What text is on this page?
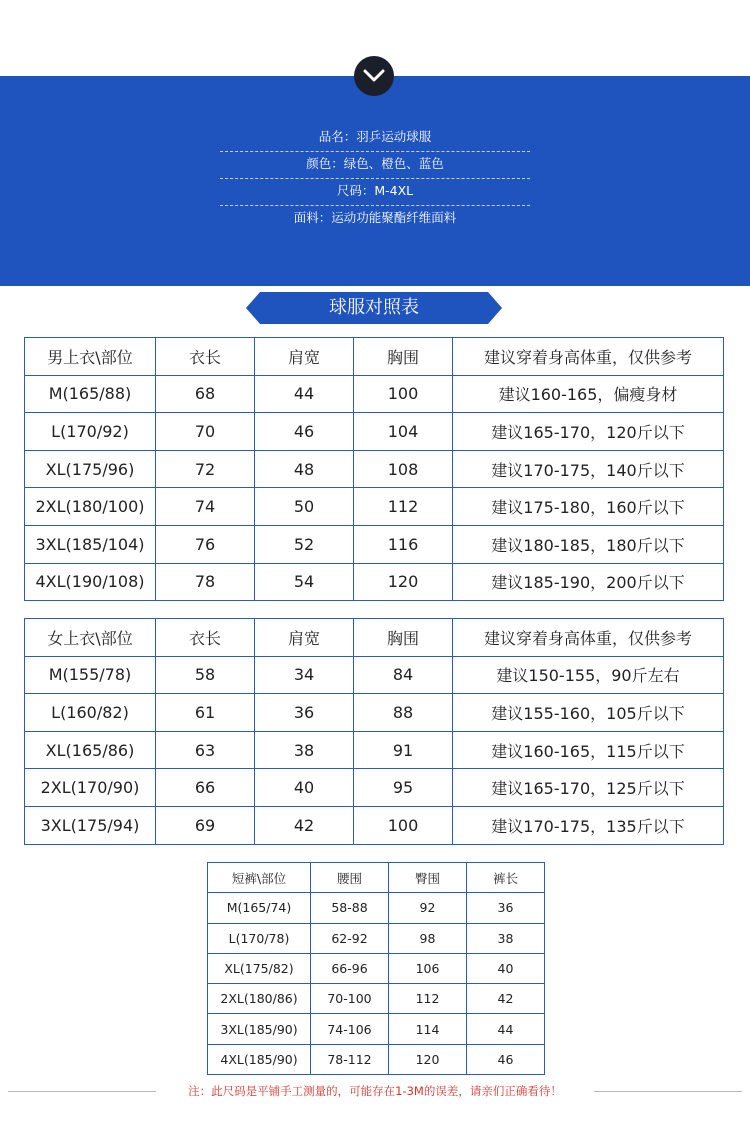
品名：羽乒运动球服
颜色：绿色、橙色、蓝色
尺码：M-4XL
面料：运动功能聚酯纤维面料
球服对照表
男上衣\部位	衣长	肩宽	胸围	建议穿着身高体重，仅供参考
M(165/88)	68	44	100	建议160-165，偏瘦身材
L(170/92)	70	46	104	建议165-170，120斤以下
XL(175/96)	72	48	108	建议170-175，140斤以下
2XL(180/100)	74	50	112	建议175-180，160斤以下
3XL(185/104)	76	52	116	建议180-185，180斤以下
4XL(190/108)	78	54	120	建议185-190，200斤以下
女上衣\部位	衣长	肩宽	胸围	建议穿着身高体重，仅供参考
M(155/78)	58	34	84	建议150-155，90斤左右
L(160/82)	61	36	88	建议155-160，105斤以下
XL(165/86)	63	38	91	建议160-165，115斤以下
2XL(170/90)	66	40	95	建议165-170，125斤以下
3XL(175/94)	69	42	100	建议170-175，135斤以下
短裤\部位	腰围	臀围	裤长
M(165/74)	58-88	92	36
L(170/78)	62-92	98	38
XL(175/82)	66-96	106	40
2XL(180/86)	70-100	112	42
3XL(185/90)	74-106	114	44
4XL(185/90)	78-112	120	46
注：此尺码是平铺手工测量的，可能存在1-3M的误差，请亲们正确看待！
